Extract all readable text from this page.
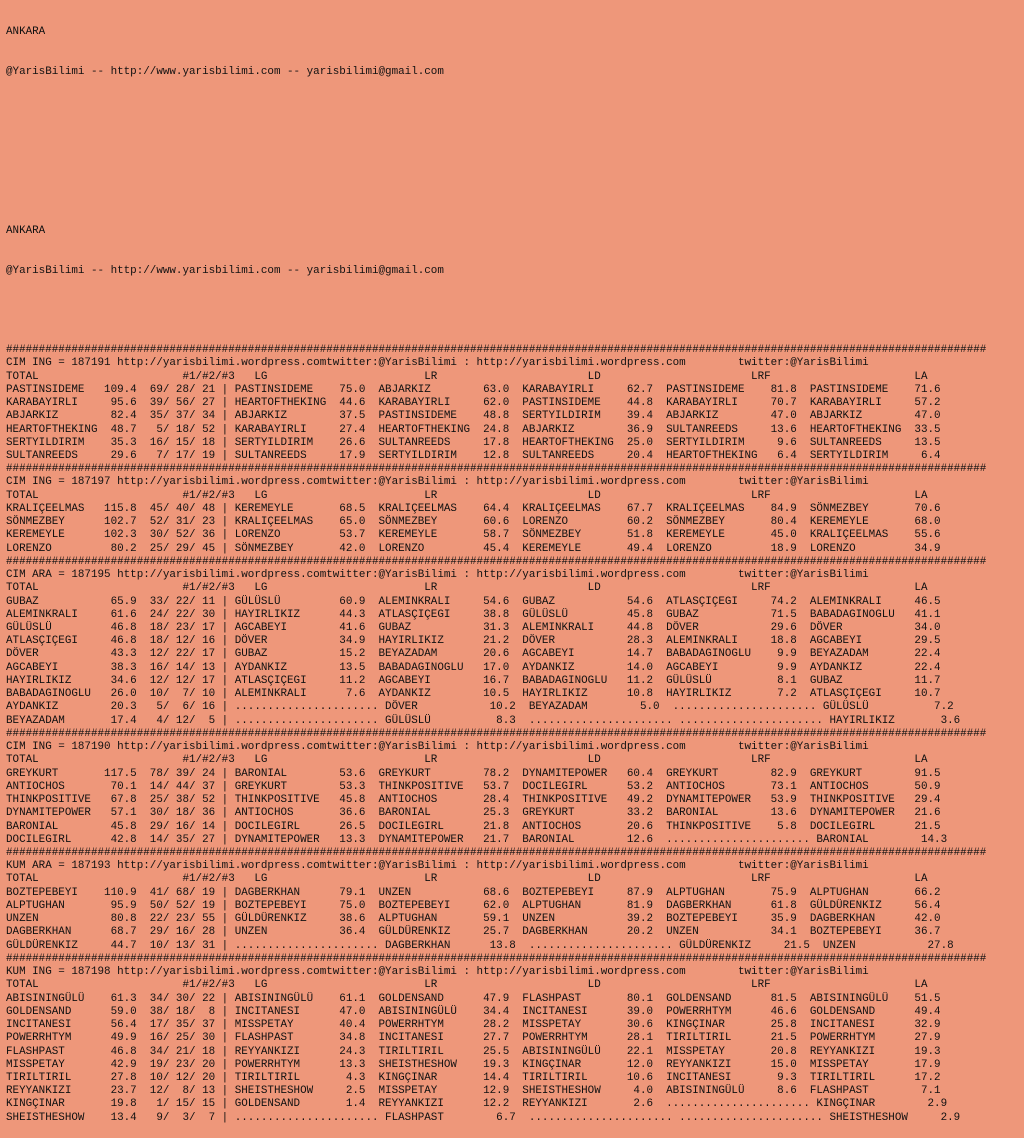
ANKARA

@YarisBilimi -- http://www.yarisbilimi.com -- yarisbilimi@gmail.com

ANKARA

@YarisBilimi -- http://www.yarisbilimi.com -- yarisbilimi@gmail.com

######################################################################################################################################################
CIM ING = 187191 http://yarisbilimi.wordpress.comtwitter:@YarisBilimi : http://yarisbilimi.wordpress.com        twitter:@YarisBilimi
TOTAL                      #1/#2/#3   LG                        LR                       LD                       LRF                      LA
PASTINSIDEME   109.4  69/ 28/ 21 | PASTINSIDEME    75.0  ABJARKIZ        63.0  KARABAYIRLI     62.7  PASTINSIDEME    81.8  PASTINSIDEME    71.6
KARABAYIRLI     95.6  39/ 56/ 27 | HEARTOFTHEKING  44.6  KARABAYIRLI     62.0  PASTINSIDEME    44.8  KARABAYIRLI     70.7  KARABAYIRLI     57.2
ABJARKIZ        82.4  35/ 37/ 34 | ABJARKIZ        37.5  PASTINSIDEME    48.8  SERTYILDIRIM    39.4  ABJARKIZ        47.0  ABJARKIZ        47.0
HEARTOFTHEKING  48.7   5/ 18/ 52 | KARABAYIRLI     27.4  HEARTOFTHEKING  24.8  ABJARKIZ        36.9  SULTANREEDS     13.6  HEARTOFTHEKING  33.5
SERTYILDIRIM    35.3  16/ 15/ 18 | SERTYILDIRIM    26.6  SULTANREEDS     17.8  HEARTOFTHEKING  25.0  SERTYILDIRIM     9.6  SULTANREEDS     13.5
SULTANREEDS     29.6   7/ 17/ 19 | SULTANREEDS     17.9  SERTYILDIRIM    12.8  SULTANREEDS     20.4  HEARTOFTHEKING   6.4  SERTYILDIRIM     6.4
######################################################################################################################################################
CIM ING = 187197 http://yarisbilimi.wordpress.comtwitter:@YarisBilimi : http://yarisbilimi.wordpress.com        twitter:@YarisBilimi
TOTAL                      #1/#2/#3   LG                        LR                       LD                       LRF                      LA
KRALIÇEELMAS   115.8  45/ 40/ 48 | KEREMEYLE       68.5  KRALIÇEELMAS    64.4  KRALIÇEELMAS    67.7  KRALIÇEELMAS    84.9  SÖNMEZBEY       70.6
SÖNMEZBEY      102.7  52/ 31/ 23 | KRALIÇEELMAS    65.0  SÖNMEZBEY       60.6  LORENZO         60.2  SÖNMEZBEY       80.4  KEREMEYLE       68.0
KEREMEYLE      102.3  30/ 52/ 36 | LORENZO         53.7  KEREMEYLE       58.7  SÖNMEZBEY       51.8  KEREMEYLE       45.0  KRALIÇEELMAS    55.6
LORENZO         80.2  25/ 29/ 45 | SÖNMEZBEY       42.0  LORENZO         45.4  KEREMEYLE       49.4  LORENZO         18.9  LORENZO         34.9
######################################################################################################################################################
CIM ARA = 187195 http://yarisbilimi.wordpress.comtwitter:@YarisBilimi : http://yarisbilimi.wordpress.com        twitter:@YarisBilimi
TOTAL                      #1/#2/#3   LG                        LR                       LD                       LRF                      LA
GUBAZ           65.9  33/ 22/ 11 | GÜLÜSLÜ         60.9  ALEMINKRALI     54.6  GUBAZ           54.6  ATLASÇIÇEGI     74.2  ALEMINKRALI     46.5
ALEMINKRALI     61.6  24/ 22/ 30 | HAYIRLIKIZ      44.3  ATLASÇIÇEGI     38.8  GÜLÜSLÜ         45.8  GUBAZ           71.5  BABADAGINOGLU   41.1
GÜLÜSLÜ         46.8  18/ 23/ 17 | AGCABEYI        41.6  GUBAZ           31.3  ALEMINKRALI     44.8  DÖVER           29.6  DÖVER           34.0
ATLASÇIÇEGI     46.8  18/ 12/ 16 | DÖVER           34.9  HAYIRLIKIZ      21.2  DÖVER           28.3  ALEMINKRALI     18.8  AGCABEYI        29.5
DÖVER           43.3  12/ 22/ 17 | GUBAZ           15.2  BEYAZADAM       20.6  AGCABEYI        14.7  BABADAGINOGLU    9.9  BEYAZADAM       22.4
AGCABEYI        38.3  16/ 14/ 13 | AYDANKIZ        13.5  BABADAGINOGLU   17.0  AYDANKIZ        14.0  AGCABEYI         9.9  AYDANKIZ        22.4
HAYIRLIKIZ      34.6  12/ 12/ 17 | ATLASÇIÇEGI     11.2  AGCABEYI        16.7  BABADAGINOGLU   11.2  GÜLÜSLÜ          8.1  GUBAZ           11.7
BABADAGINOGLU   26.0  10/  7/ 10 | ALEMINKRALI      7.6  AYDANKIZ        10.5  HAYIRLIKIZ      10.8  HAYIRLIKIZ       7.2  ATLASÇIÇEGI     10.7
AYDANKIZ        20.3   5/  6/ 16 | ...................... DÖVER           10.2  BEYAZADAM        5.0  ...................... GÜLÜSLÜ          7.2
BEYAZADAM       17.4   4/ 12/  5 | ...................... GÜLÜSLÜ          8.3  ...................... ...................... HAYIRLIKIZ       3.6
######################################################################################################################################################
CIM ING = 187190 http://yarisbilimi.wordpress.comtwitter:@YarisBilimi : http://yarisbilimi.wordpress.com        twitter:@YarisBilimi
TOTAL                      #1/#2/#3   LG                        LR                       LD                       LRF                      LA
GREYKURT       117.5  78/ 39/ 24 | BARONIAL        53.6  GREYKURT        78.2  DYNAMITEPOWER   60.4  GREYKURT        82.9  GREYKURT        91.5
ANTIOCHOS       70.1  14/ 44/ 37 | GREYKURT        53.3  THINKPOSITIVE   53.7  DOCILEGIRL      53.2  ANTIOCHOS       73.1  ANTIOCHOS       50.9
THINKPOSITIVE   67.8  25/ 38/ 52 | THINKPOSITIVE   45.8  ANTIOCHOS       28.4  THINKPOSITIVE   49.2  DYNAMITEPOWER   53.9  THINKPOSITIVE   29.4
DYNAMITEPOWER   57.1  30/ 18/ 36 | ANTIOCHOS       36.6  BARONIAL        25.3  GREYKURT        33.2  BARONIAL        13.6  DYNAMITEPOWER   21.6
BARONIAL        45.8  29/ 16/ 14 | DOCILEGIRL      26.5  DOCILEGIRL      21.8  ANTIOCHOS       20.6  THINKPOSITIVE    5.8  DOCILEGIRL      21.5
DOCILEGIRL      42.8  14/ 35/ 27 | DYNAMITEPOWER   13.3  DYNAMITEPOWER   21.7  BARONIAL        12.6  ...................... BARONIAL        14.3
######################################################################################################################################################
KUM ARA = 187193 http://yarisbilimi.wordpress.comtwitter:@YarisBilimi : http://yarisbilimi.wordpress.com        twitter:@YarisBilimi
TOTAL                      #1/#2/#3   LG                        LR                       LD                       LRF                      LA
BOZTEPEBEYI    110.9  41/ 68/ 19 | DAGBERKHAN      79.1  UNZEN           68.6  BOZTEPEBEYI     87.9  ALPTUGHAN       75.9  ALPTUGHAN       66.2
ALPTUGHAN       95.9  50/ 52/ 19 | BOZTEPEBEYI     75.0  BOZTEPEBEYI     62.0  ALPTUGHAN       81.9  DAGBERKHAN      61.8  GÜLDÜRENKIZ     56.4
UNZEN           80.8  22/ 23/ 55 | GÜLDÜRENKIZ     38.6  ALPTUGHAN       59.1  UNZEN           39.2  BOZTEPEBEYI     35.9  DAGBERKHAN      42.0
DAGBERKHAN      68.7  29/ 16/ 28 | UNZEN           36.4  GÜLDÜRENKIZ     25.7  DAGBERKHAN      20.2  UNZEN           34.1  BOZTEPEBEYI     36.7
GÜLDÜRENKIZ     44.7  10/ 13/ 31 | ...................... DAGBERKHAN      13.8  ...................... GÜLDÜRENKIZ     21.5  UNZEN           27.8
######################################################################################################################################################
KUM ING = 187198 http://yarisbilimi.wordpress.comtwitter:@YarisBilimi : http://yarisbilimi.wordpress.com        twitter:@YarisBilimi
TOTAL                      #1/#2/#3   LG                        LR                       LD                       LRF                      LA
ABISININGÜLÜ    61.3  34/ 30/ 22 | ABISININGÜLÜ    61.1  GOLDENSAND      47.9  FLASHPAST       80.1  GOLDENSAND      81.5  ABISININGÜLÜ    51.5
GOLDENSAND      59.0  38/ 18/  8 | INCITANESI      47.0  ABISININGÜLÜ    34.4  INCITANESI      39.0  POWERRHTYM      46.6  GOLDENSAND      49.4
INCITANESI      56.4  17/ 35/ 37 | MISSPETAY       40.4  POWERRHTYM      28.2  MISSPETAY       30.6  KINGÇINAR       25.8  INCITANESI      32.9
POWERRHTYM      49.9  16/ 25/ 30 | FLASHPAST       34.8  INCITANESI      27.7  POWERRHTYM      28.1  TIRILTIRIL      21.5  POWERRHTYM      27.9
FLASHPAST       46.8  34/ 21/ 18 | REYYANKIZI      24.3  TIRILTIRIL      25.5  ABISININGÜLÜ    22.1  MISSPETAY       20.8  REYYANKIZI      19.3
MISSPETAY       42.9  19/ 23/ 20 | POWERRHTYM      13.3  SHEISTHESHOW    19.3  KINGÇINAR       12.0  REYYANKIZI      15.0  MISSPETAY       17.9
TIRILTIRIL      27.8  10/ 12/ 20 | TIRILTIRIL       4.3  KINGÇINAR       14.4  TIRILTIRIL      10.6  INCITANESI       9.3  TIRILTIRIL      17.2
REYYANKIZI      23.7  12/  8/ 13 | SHEISTHESHOW     2.5  MISSPETAY       12.9  SHEISTHESHOW     4.0  ABISININGÜLÜ     8.6  FLASHPAST        7.1
KINGÇINAR       19.8   1/ 15/ 15 | GOLDENSAND       1.4  REYYANKIZI      12.2  REYYANKIZI       2.6  ...................... KINGÇINAR        2.9
SHEISTHESHOW    13.4   9/  3/  7 | ...................... FLASHPAST        6.7  ...................... ...................... SHEISTHESHOW     2.9
